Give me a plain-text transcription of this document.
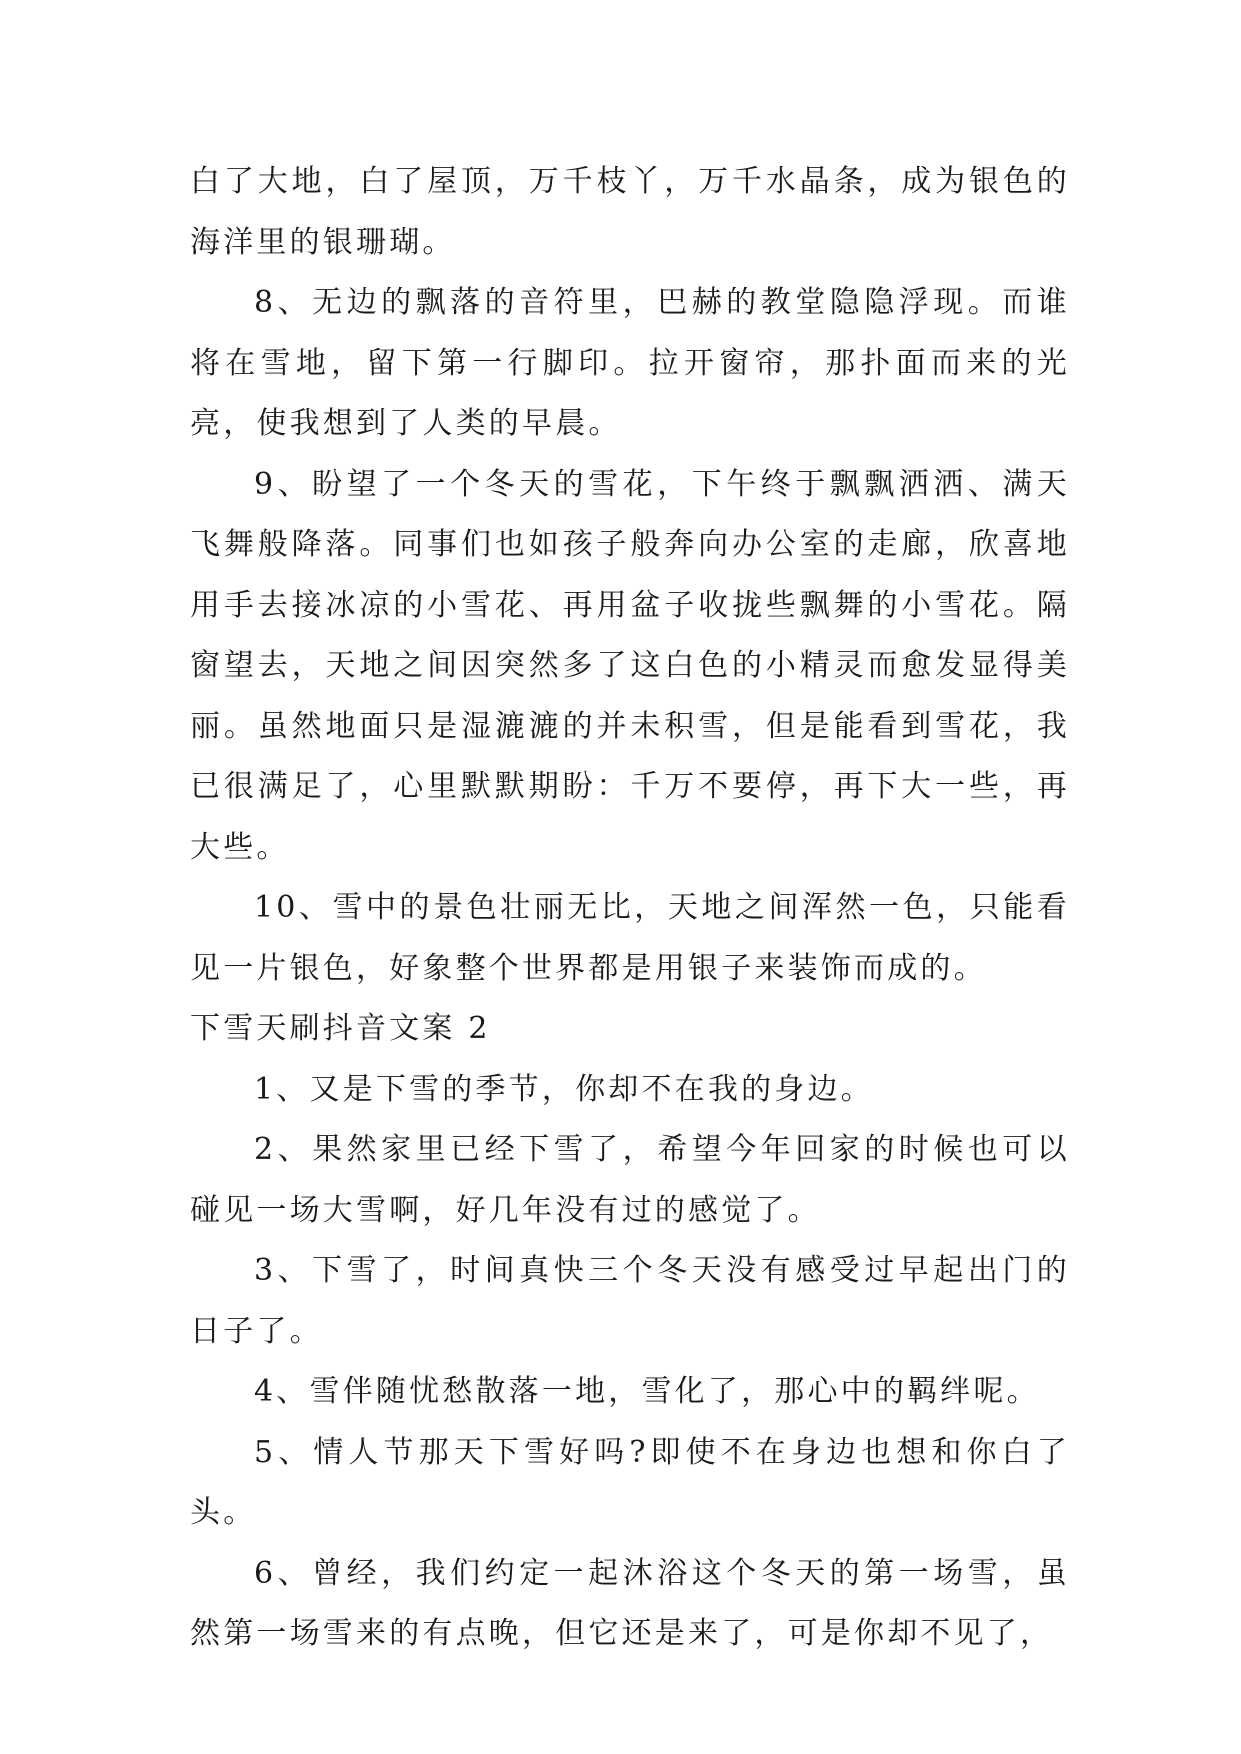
白了大地，白了屋顶，万千枝丫，万千水晶条，成为银色的海洋里的银珊瑚。

8、无边的飘落的音符里，巴赫的教堂隐隐浮现。而谁将在雪地，留下第一行脚印。拉开窗帘，那扑面而来的光亮，使我想到了人类的早晨。

9、盼望了一个冬天的雪花，下午终于飘飘洒洒、满天飞舞般降落。同事们也如孩子般奔向办公室的走廊，欣喜地用手去接冰凉的小雪花、再用盆子收拢些飘舞的小雪花。隔窗望去，天地之间因突然多了这白色的小精灵而愈发显得美丽。虽然地面只是湿漉漉的并未积雪，但是能看到雪花，我已很满足了，心里默默期盼：千万不要停，再下大一些，再大些。

10、雪中的景色壮丽无比，天地之间浑然一色，只能看见一片银色，好象整个世界都是用银子来装饰而成的。

下雪天刷抖音文案 2

1、又是下雪的季节，你却不在我的身边。

2、果然家里已经下雪了，希望今年回家的时候也可以碰见一场大雪啊，好几年没有过的感觉了。

3、下雪了，时间真快三个冬天没有感受过早起出门的日子了。

4、雪伴随忧愁散落一地，雪化了，那心中的羁绊呢。

5、情人节那天下雪好吗?即使不在身边也想和你白了头。

6、曾经，我们约定一起沐浴这个冬天的第一场雪，虽然第一场雪来的有点晚，但它还是来了，可是你却不见了，
